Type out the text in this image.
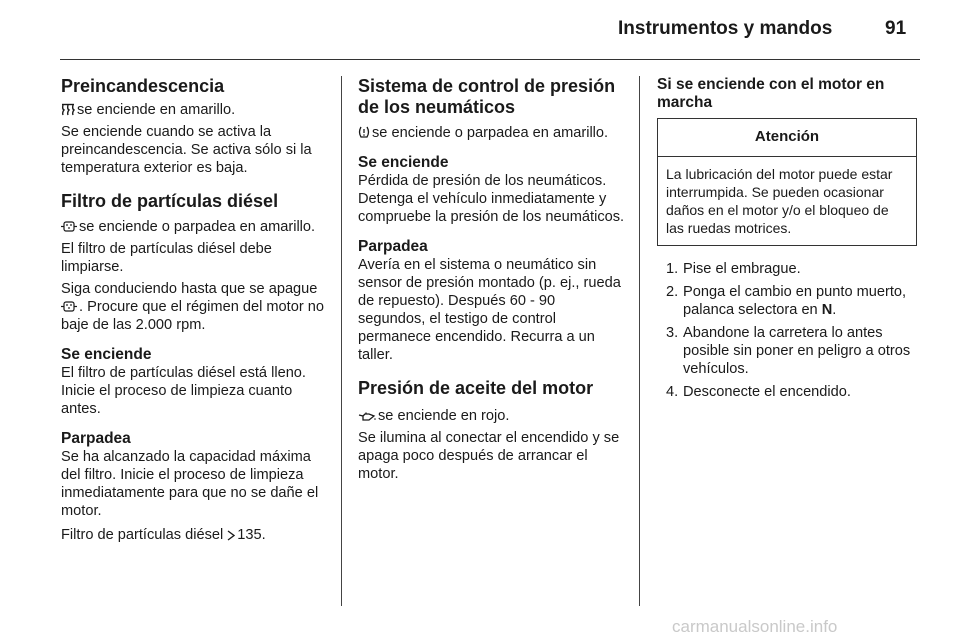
Instrumentos y mandos	91
Preincandescencia

se enciende en amarillo.

Se enciende cuando se activa la preincandescencia. Se activa sólo si la temperatura exterior es baja.

Filtro de partículas diésel

se enciende o parpadea en amarillo.

El filtro de partículas diésel debe limpiarse.

Siga conduciendo hasta que se apague
. Procure que el régimen del motor no baje de las 2.000 rpm.

Se enciende

El filtro de partículas diésel está lleno. Inicie el proceso de limpieza cuanto antes.

Parpadea

Se ha alcanzado la capacidad máxima del filtro. Inicie el proceso de limpieza inmediatamente para que no se dañe el motor.

Filtro de partículas diésel 135.

Sistema de control de presión de los neumáticos

se enciende o parpadea en amarillo.

Se enciende

Pérdida de presión de los neumáticos. Detenga el vehículo inmediatamente y compruebe la presión de los neumáticos.

Parpadea

Avería en el sistema o neumático sin sensor de presión montado (p. ej., rueda de repuesto). Después 60 - 90 segundos, el testigo de control permanece encendido. Recurra a un taller.

Presión de aceite del motor

se enciende en rojo.

Se ilumina al conectar el encendido y se apaga poco después de arrancar el motor.

Si se enciende con el motor en marcha
Atención
La lubricación del motor puede estar interrumpida. Se pueden ocasionar daños en el motor y/o el bloqueo de las ruedas motrices.
1. Pise el embrague.
2. Ponga el cambio en punto muerto, palanca selectora en N.
3. Abandone la carretera lo antes posible sin poner en peligro a otros vehículos.
4. Desconecte el encendido.
carmanualsonline.info
